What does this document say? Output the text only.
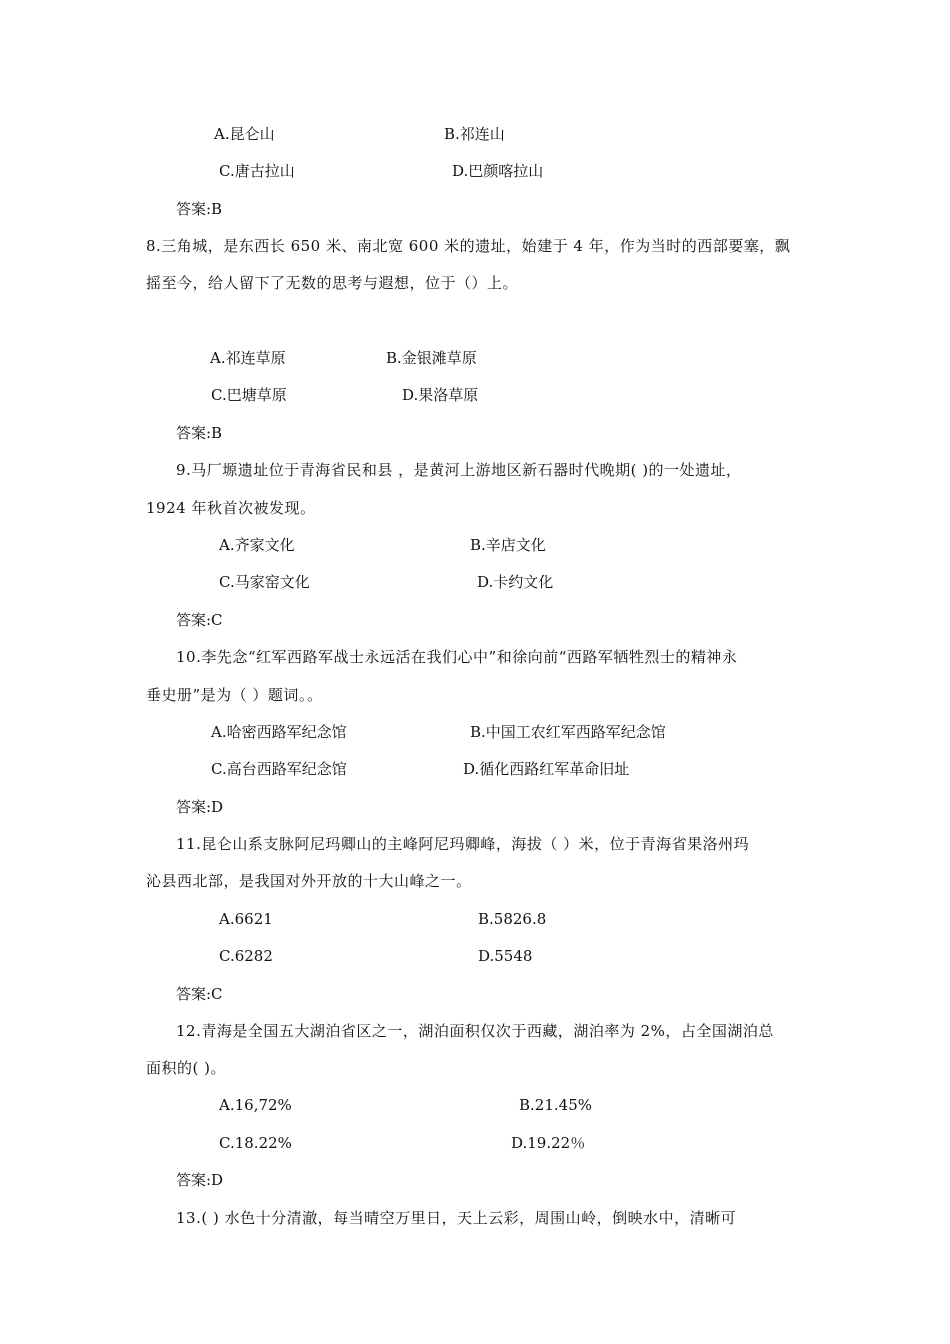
A.昆仑山	B.祁连山
C.唐古拉山	D.巴颜喀拉山
答案:B
8.三角城，是东西长 650 米、南北宽 600 米的遗址，始建于 4 年，作为当时的西部要塞，飘
摇至今，给人留下了无数的思考与遐想，位于（）上。
A.祁连草原	B.金银滩草原
C.巴塘草原	D.果洛草原
答案:B
9.马厂塬遗址位于青海省民和县 ，是黄河上游地区新石器时代晚期( )的一处遗址，
1924 年秋首次被发现。
A.齐家文化	B.辛店文化
C.马家窑文化	D.卡约文化
答案:C
10.李先念“红军西路军战士永远活在我们心中”和徐向前“西路军牺牲烈士的精神永
垂史册”是为（ ）题词。。
A.哈密西路军纪念馆	B.中国工农红军西路军纪念馆
C.高台西路军纪念馆	D.循化西路红军革命旧址
答案:D
11.昆仑山系支脉阿尼玛卿山的主峰阿尼玛卿峰，海拔（ ）米，位于青海省果洛州玛
沁县西北部，是我国对外开放的十大山峰之一。
A.6621	B.5826.8
C.6282	D.5548
答案:C
12.青海是全国五大湖泊省区之一，湖泊面积仅次于西藏，湖泊率为 2%，占全国湖泊总
面积的( )。
A.16,72%	B.21.45%
C.18.22%	D.19.22％
答案:D
13.( ) 水色十分清澈，每当晴空万里日，天上云彩，周围山岭，倒映水中，清晰可
